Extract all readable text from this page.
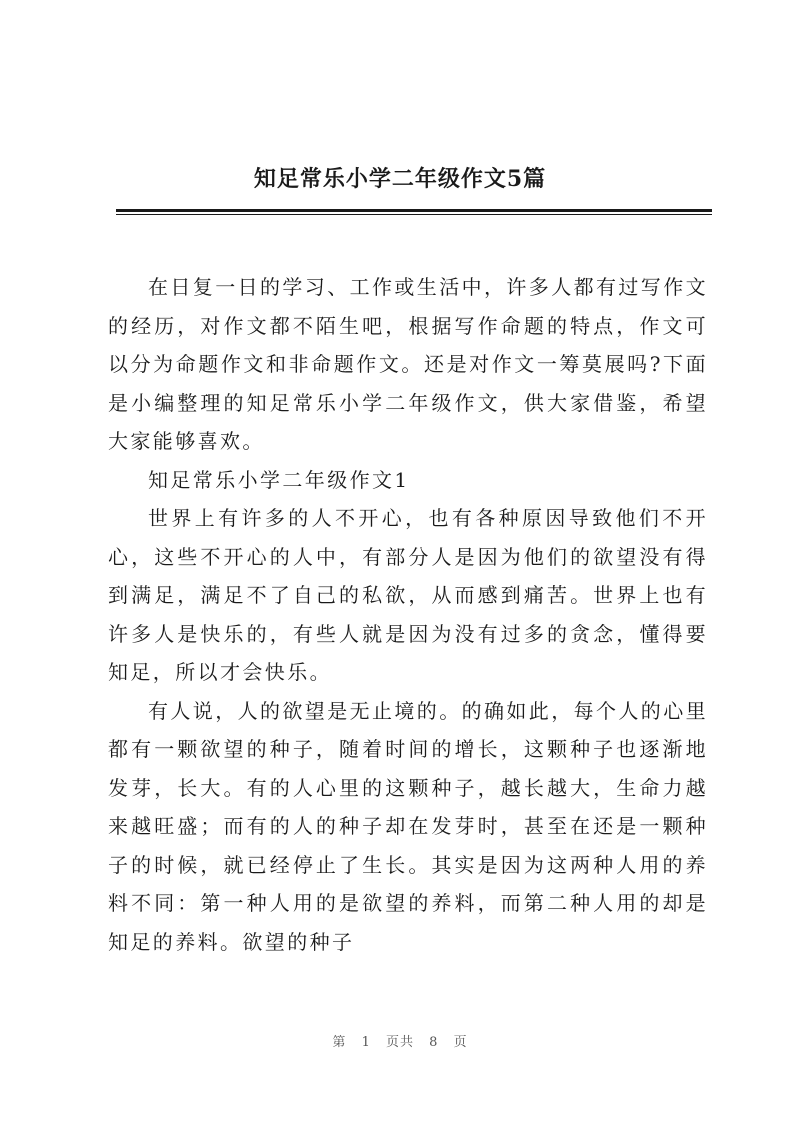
知足常乐小学二年级作文5篇

在日复一日的学习、工作或生活中，许多人都有过写作文的经历，对作文都不陌生吧，根据写作命题的特点，作文可以分为命题作文和非命题作文。还是对作文一筹莫展吗?下面是小编整理的知足常乐小学二年级作文，供大家借鉴，希望大家能够喜欢。

知足常乐小学二年级作文1

世界上有许多的人不开心，也有各种原因导致他们不开心，这些不开心的人中，有部分人是因为他们的欲望没有得到满足，满足不了自己的私欲，从而感到痛苦。世界上也有许多人是快乐的，有些人就是因为没有过多的贪念，懂得要知足，所以才会快乐。

有人说，人的欲望是无止境的。的确如此，每个人的心里都有一颗欲望的种子，随着时间的增长，这颗种子也逐渐地发芽，长大。有的人心里的这颗种子，越长越大，生命力越来越旺盛；而有的人的种子却在发芽时，甚至在还是一颗种子的时候，就已经停止了生长。其实是因为这两种人用的养料不同：第一种人用的是欲望的养料，而第二种人用的却是知足的养料。欲望的种子

第 1 页共 8 页
